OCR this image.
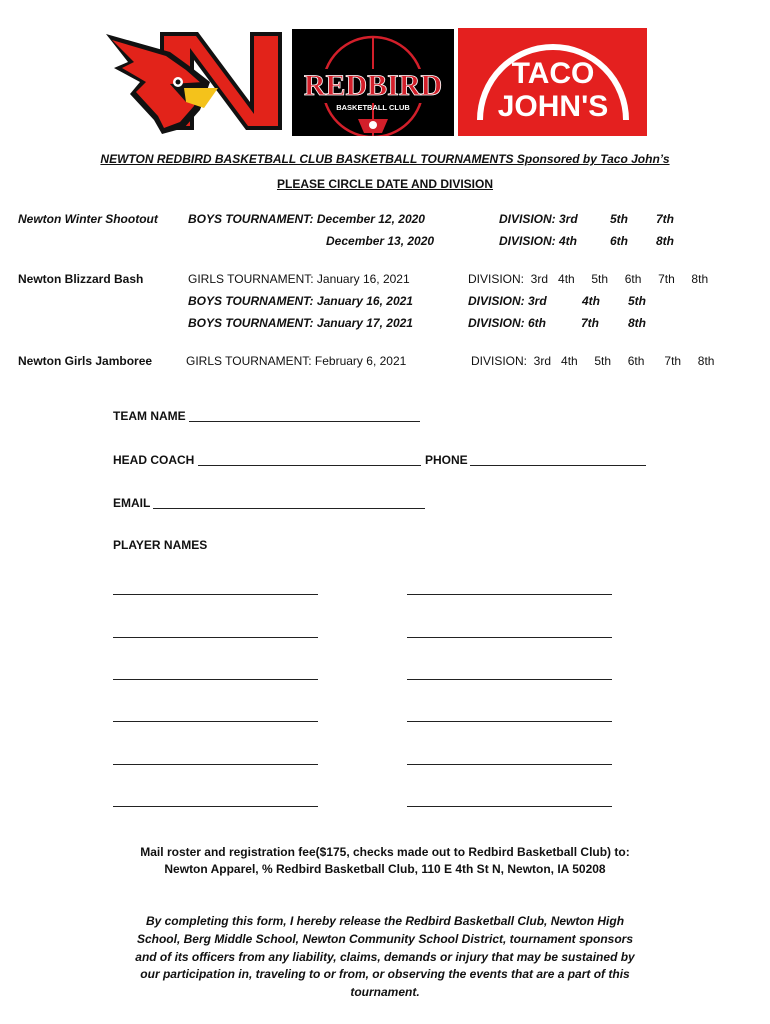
REDBIRD
BASKETBALL CLUB
TACO
JOHN'S
NEWTON REDBIRD BASKETBALL CLUB BASKETBALL TOURNAMENTS Sponsored by Taco John’s
PLEASE CIRCLE DATE AND DIVISION
Newton Winter Shootout	BOYS TOURNAMENT: December 12, 2020	DIVISION: 3rd	5th 7th
December 13, 2020	DIVISION: 4th	6th 8th
Newton Blizzard Bash	GIRLS TOURNAMENT: January 16, 2021	DIVISION:  3rd   4th     5th     6th     7th     8th
BOYS TOURNAMENT: January 16, 2021	DIVISION: 3rd	4th 5th
BOYS TOURNAMENT: January 17, 2021	DIVISION: 6th	7th 8th
Newton Girls Jamboree	GIRLS TOURNAMENT: February 6, 2021	DIVISION:  3rd   4th     5th     6th      7th     8th
TEAM NAME
HEAD COACH	PHONE
EMAIL
PLAYER NAMES
Mail roster and registration fee($175, checks made out to Redbird Basketball Club) to:
Newton Apparel, % Redbird Basketball Club, 110 E 4th St N, Newton, IA 50208
By completing this form, I hereby release the Redbird Basketball Club, Newton High
School, Berg Middle School, Newton Community School District, tournament sponsors
and of its officers from any liability, claims, demands or injury that may be sustained by
our participation in, traveling to or from, or observing the events that are a part of this
tournament.
